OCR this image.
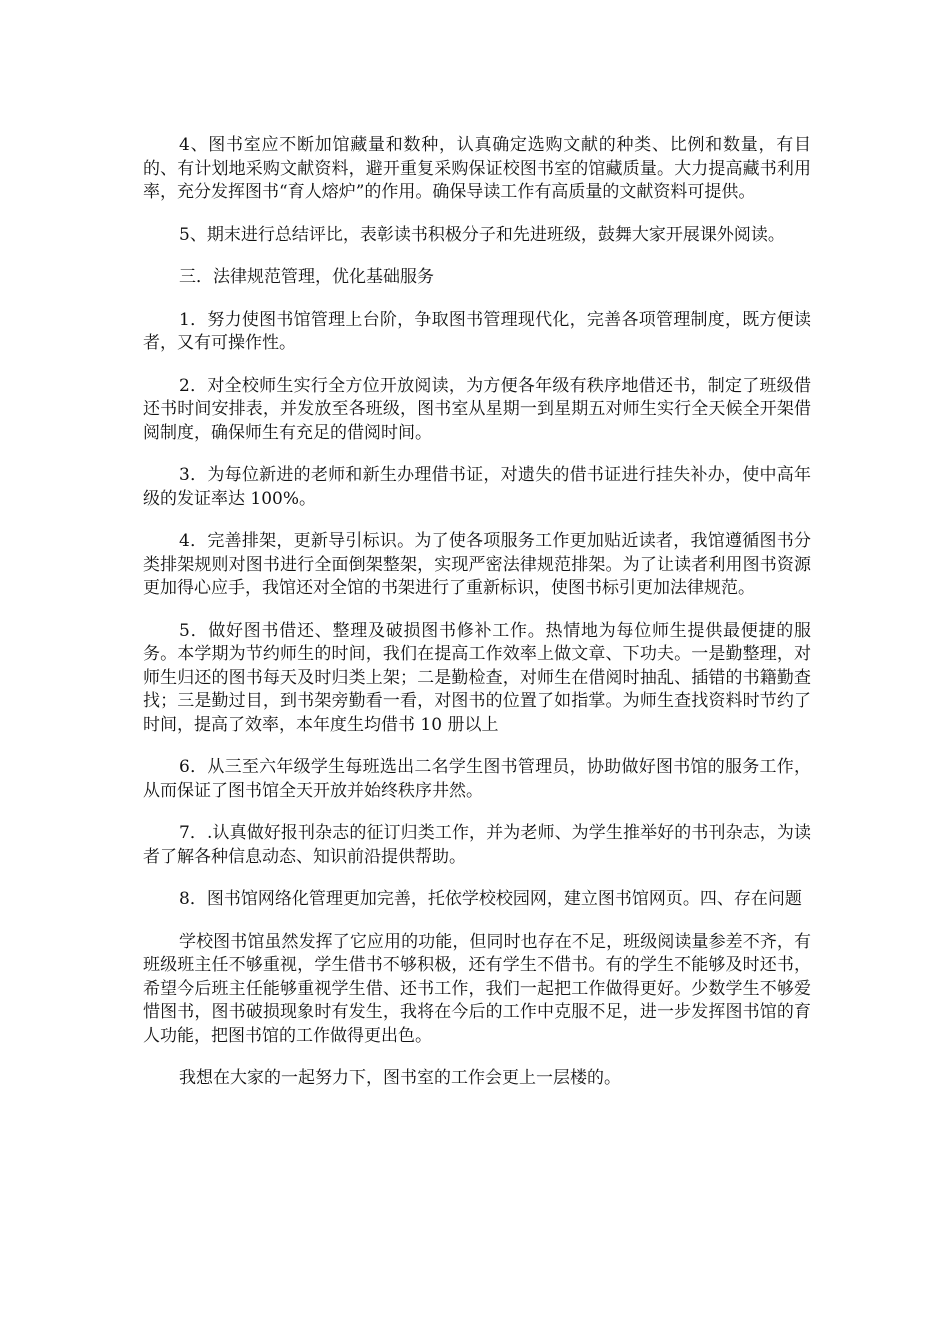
4、图书室应不断加馆藏量和数种，认真确定选购文献的种类、比例和数量，有目的、有计划地采购文献资料，避开重复采购保证校图书室的馆藏质量。大力提高藏书利用率，充分发挥图书“育人熔炉”的作用。确保导读工作有高质量的文献资料可提供。

5、期末进行总结评比，表彰读书积极分子和先进班级，鼓舞大家开展课外阅读。

三．法律规范管理，优化基础服务

1．努力使图书馆管理上台阶，争取图书管理现代化，完善各项管理制度，既方便读者，又有可操作性。

2．对全校师生实行全方位开放阅读，为方便各年级有秩序地借还书，制定了班级借还书时间安排表，并发放至各班级，图书室从星期一到星期五对师生实行全天候全开架借阅制度，确保师生有充足的借阅时间。

3．为每位新进的老师和新生办理借书证，对遗失的借书证进行挂失补办，使中高年级的发证率达 100%。

4．完善排架，更新导引标识。为了使各项服务工作更加贴近读者，我馆遵循图书分类排架规则对图书进行全面倒架整架，实现严密法律规范排架。为了让读者利用图书资源更加得心应手，我馆还对全馆的书架进行了重新标识，使图书标引更加法律规范。

5．做好图书借还、整理及破损图书修补工作。热情地为每位师生提供最便捷的服务。本学期为节约师生的时间，我们在提高工作效率上做文章、下功夫。一是勤整理，对师生归还的图书每天及时归类上架；二是勤检查，对师生在借阅时抽乱、插错的书籍勤查找；三是勤过目，到书架旁勤看一看，对图书的位置了如指掌。为师生查找资料时节约了时间，提高了效率，本年度生均借书 10 册以上

6．从三至六年级学生每班选出二名学生图书管理员，协助做好图书馆的服务工作，从而保证了图书馆全天开放并始终秩序井然。

7．.认真做好报刊杂志的征订归类工作，并为老师、为学生推举好的书刊杂志，为读者了解各种信息动态、知识前沿提供帮助。

8．图书馆网络化管理更加完善，托依学校校园网，建立图书馆网页。四、存在问题

学校图书馆虽然发挥了它应用的功能，但同时也存在不足，班级阅读量参差不齐，有班级班主任不够重视，学生借书不够积极，还有学生不借书。有的学生不能够及时还书，希望今后班主任能够重视学生借、还书工作，我们一起把工作做得更好。少数学生不够爱惜图书，图书破损现象时有发生，我将在今后的工作中克服不足，进一步发挥图书馆的育人功能，把图书馆的工作做得更出色。

我想在大家的一起努力下，图书室的工作会更上一层楼的。
